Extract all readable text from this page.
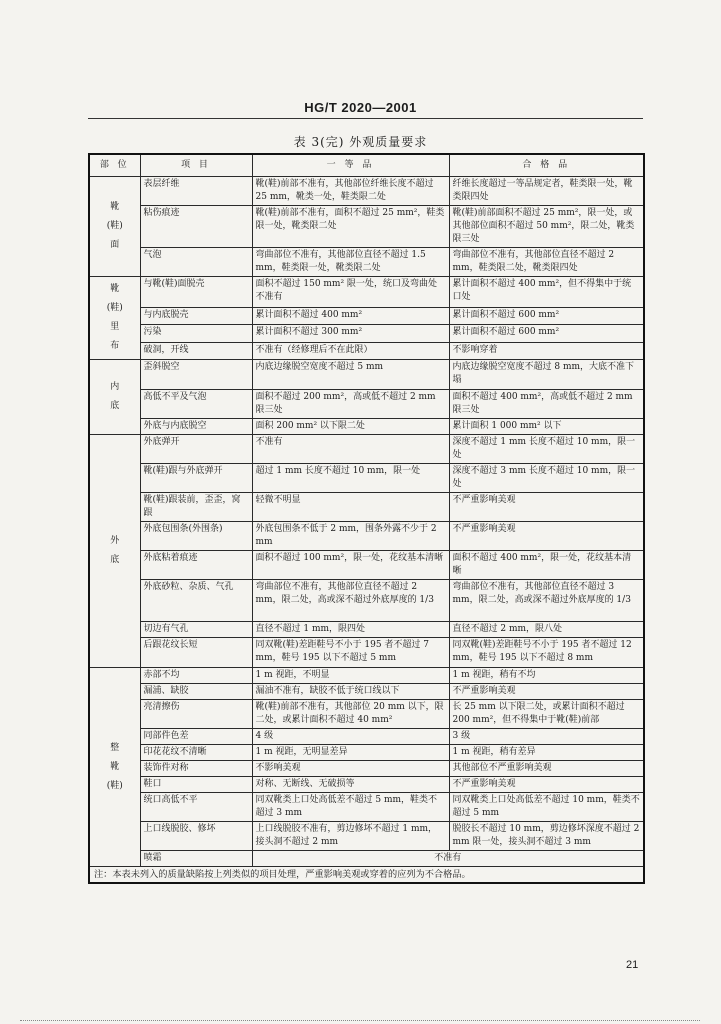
HG/T 2020—2001
表 3(完) 外观质量要求
部 位	项 目	一 等 品	合 格 品

靴
(鞋)
面	表层纤维	靴(鞋)前部不准有，其他部位纤维长度不超过 25 mm，靴类一处，鞋类限二处	纤维长度超过一等品规定者，鞋类限一处，靴类限四处
	粘伤痕迹	靴(鞋)前部不准有，面积不超过 25 mm²，鞋类限一处，靴类限二处	靴(鞋)前部面积不超过 25 mm²，限一处，或其他部位面积不超过 50 mm²，限二处，靴类限三处
	气泡	弯曲部位不准有，其他部位直径不超过 1.5 mm，鞋类限一处，靴类限二处	弯曲部位不准有，其他部位直径不超过 2 mm，鞋类限二处，靴类限四处

靴
(鞋)
里
布	与靴(鞋)面脱壳	面积不超过 150 mm² 限一处，统口及弯曲处不准有	累计面积不超过 400 mm²，但不得集中于统口处
	与内底脱壳	累计面积不超过 400 mm²	累计面积不超过 600 mm²
	污染	累计面积不超过 300 mm²	累计面积不超过 600 mm²
	破洞，开线	不准有（经修理后不在此限）	不影响穿着

内
底	歪斜脱空	内底边缘脱空宽度不超过 5 mm	内底边缘脱空宽度不超过 8 mm，大底不准下塌
	高低不平及气泡	面积不超过 200 mm²，高或低不超过 2 mm 限三处	面积不超过 400 mm²，高或低不超过 2 mm 限三处
	外底与内底脱空	面积 200 mm² 以下限二处	累计面积 1 000 mm² 以下

外
底	外底弹开	不准有	深度不超过 1 mm 长度不超过 10 mm，限一处
	靴(鞋)跟与外底弹开	超过 1 mm 长度不超过 10 mm，限一处	深度不超过 3 mm 长度不超过 10 mm，限一处
	靴(鞋)跟装前，歪歪，窝跟	轻微不明显	不严重影响美观
	外底包围条(外围条)	外底包围条不低于 2 mm，围条外露不少于 2 mm	不严重影响美观
	外底粘着痕迹	面积不超过 100 mm²，限一处，花纹基本清晰	面积不超过 400 mm²，限一处，花纹基本清晰
	外底砂粒、杂质、气孔	弯曲部位不准有，其他部位直径不超过 2 mm，限二处，高或深不超过外底厚度的 1/3	弯曲部位不准有，其他部位直径不超过 3 mm，限二处，高或深不超过外底厚度的 1/3
	切边有气孔	直径不超过 1 mm，限四处	直径不超过 2 mm，限八处
	后跟花纹长短	同双靴(鞋)差距鞋号不小于 195 者不超过 7 mm，鞋号 195 以下不超过 5 mm	同双靴(鞋)差距鞋号不小于 195 者不超过 12 mm，鞋号 195 以下不超过 8 mm

整
靴
(鞋)	赤部不均	1 m 视距，不明显	1 m 视距，稍有不均
	漏浦、缺胶	漏油不准有，缺胶不低于统口线以下	不严重影响美观
	亮清擦伤	靴(鞋)前部不准有，其他部位 20 mm 以下，限二处，或累计面积不超过 40 mm²	长 25 mm 以下限二处，或累计面积不超过 200 mm²，但不得集中于靴(鞋)前部
	同部件色差	4 级	3 级
	印花花纹不清晰	1 m 视距，无明显差异	1 m 视距，稍有差异
	装饰件对称	不影响美观	其他部位不严重影响美观
	鞋口	对称、无断线、无破损等	不严重影响美观
	统口高低不平	同双靴类上口处高低差不超过 5 mm，鞋类不超过 3 mm	同双靴类上口处高低差不超过 10 mm，鞋类不超过 5 mm
	上口线脱胶、修坏	上口线脱胶不准有，剪边修坏不超过 1 mm，接头洞不超过 2 mm	脱胶长不超过 10 mm，剪边修坏深度不超过 2 mm 限一处，接头洞不超过 3 mm
	喷霜	不准有	
注：本表未列入的质量缺陷按上列类似的项目处理，严重影响美观或穿着的应列为不合格品。			
21
